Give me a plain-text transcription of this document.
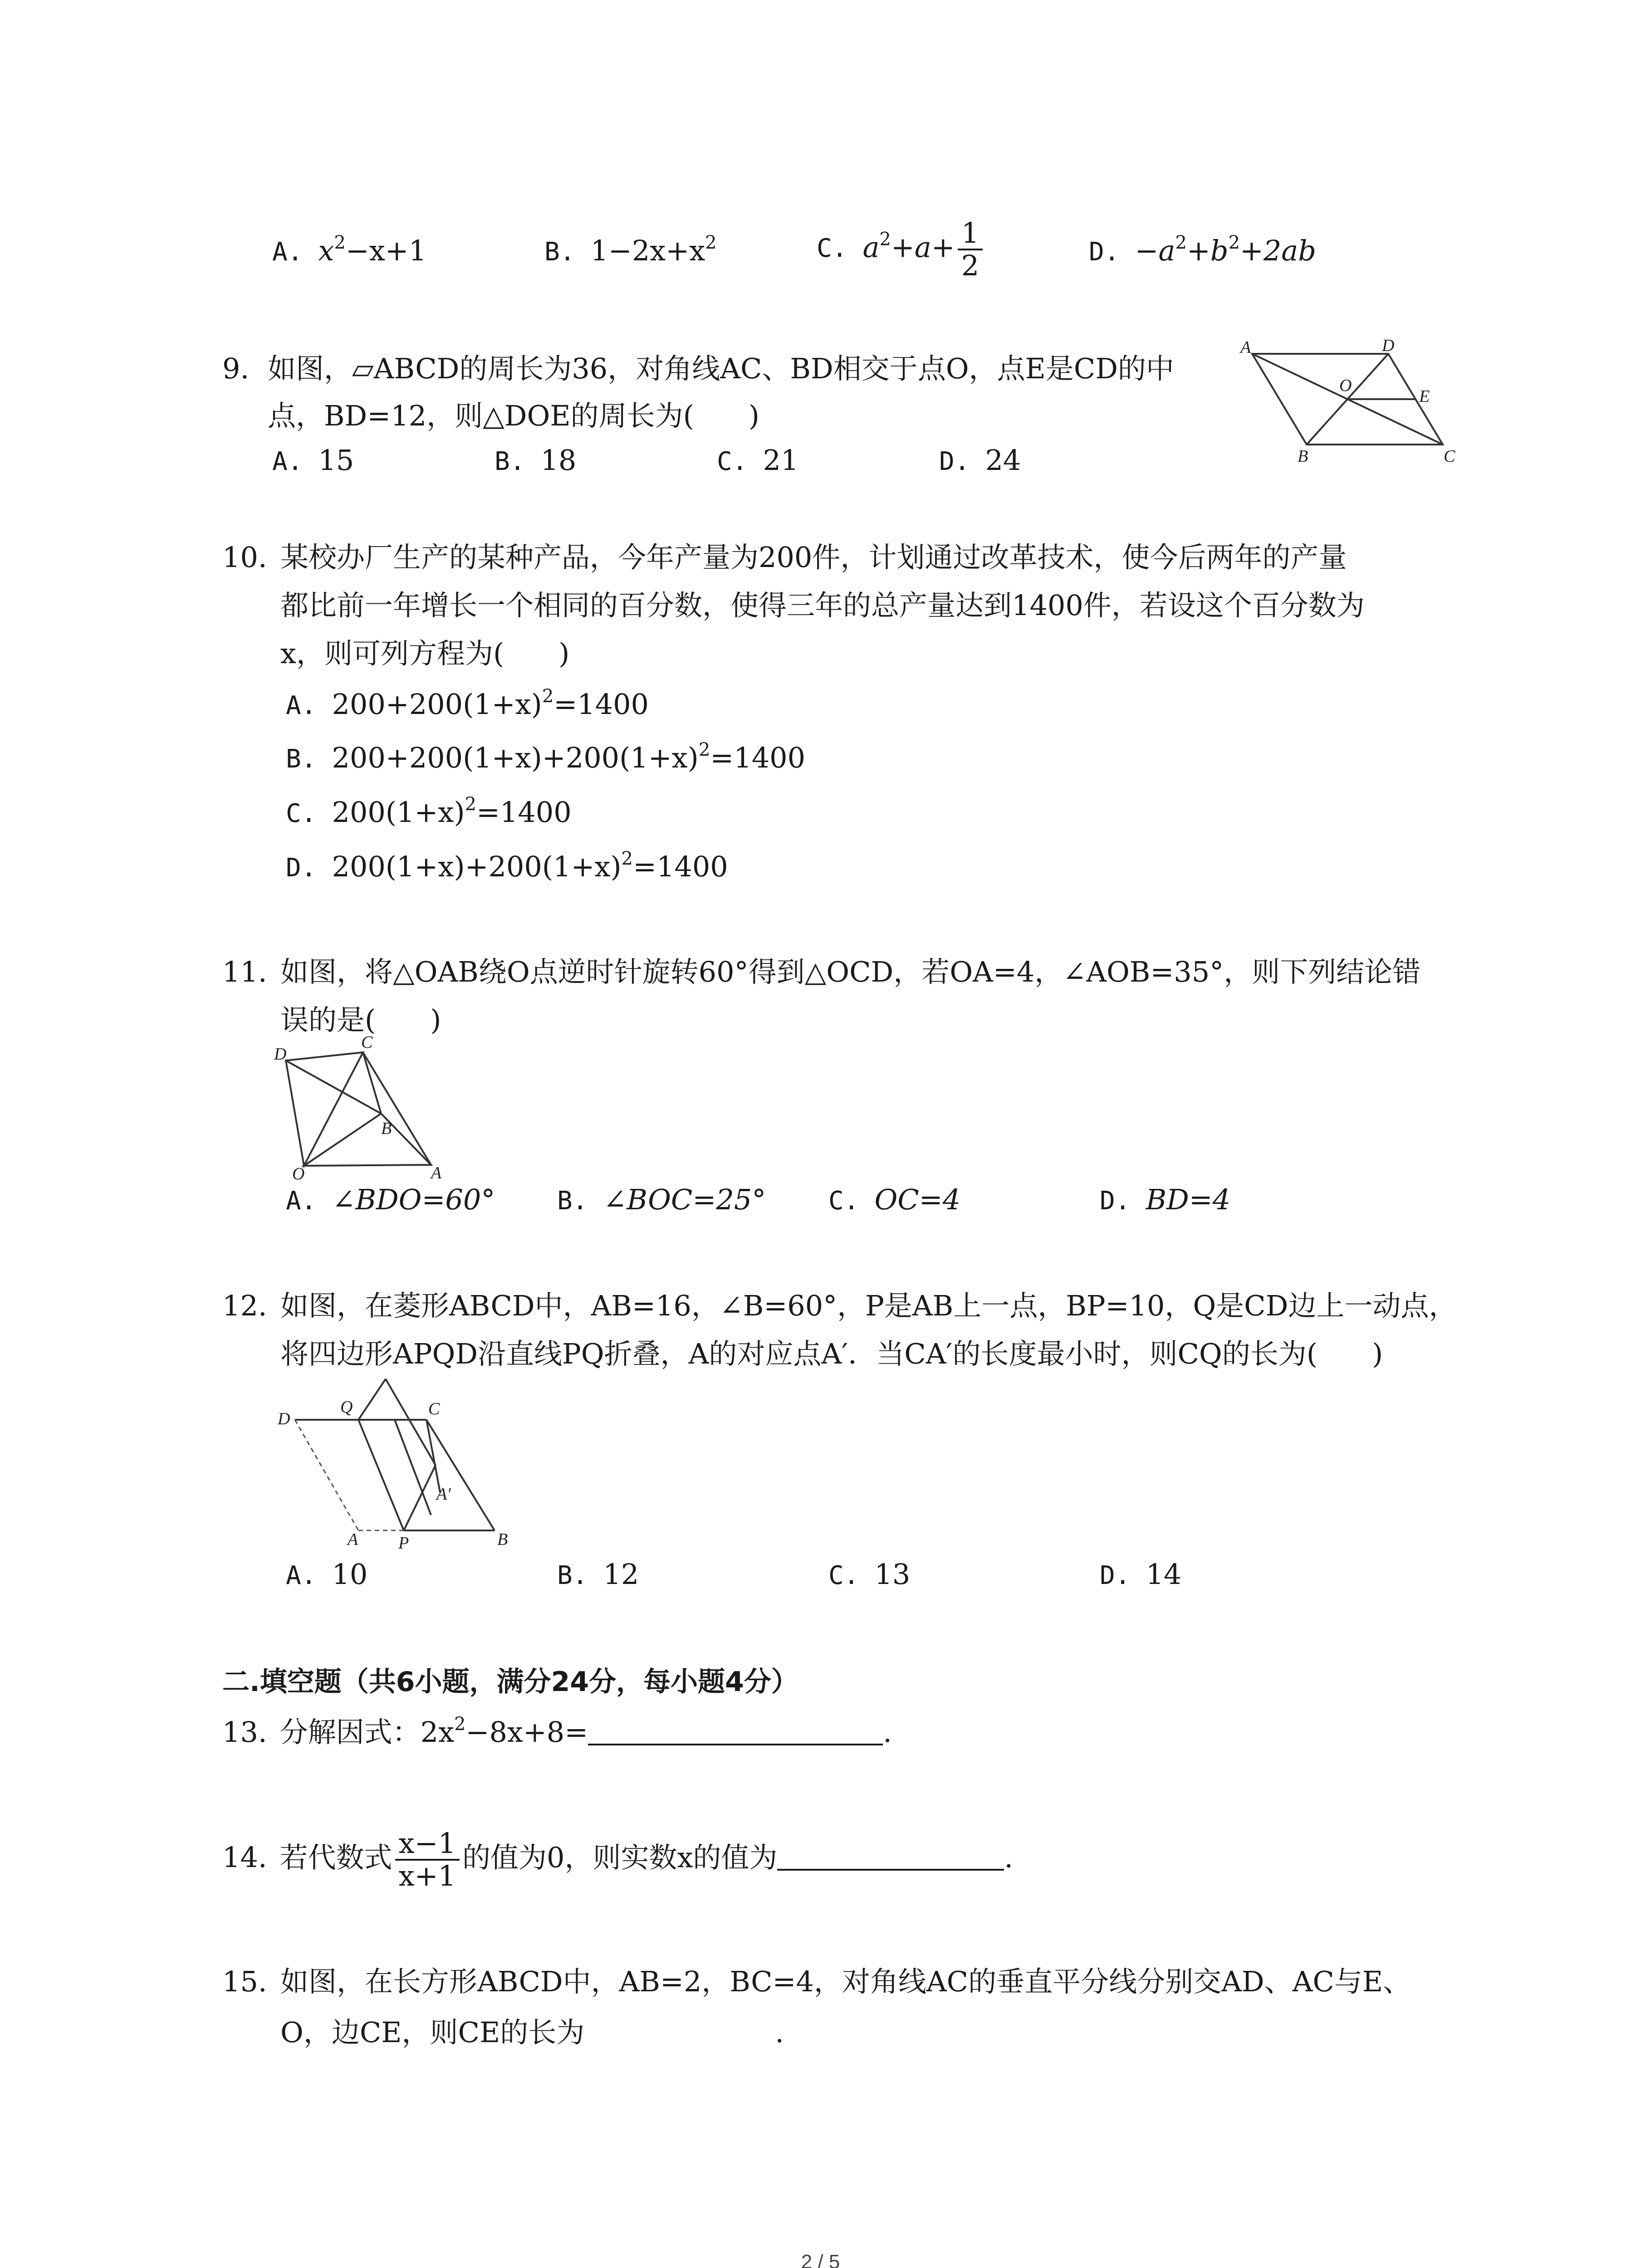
A. $x^2-x+1$	B. $1-2x+x^2$	C. $a^2+a+ \frac{1}{2}$	D. $-a^2+b^2+2ab$
9. 如图，▱ABCD的周长为36，对角线AC、BD相交于点O，点E是CD的中
点，BD=12，则△DOE的周长为( )
A. 15	B. 18	C. 21	D. 24
A	D
O
E
B	C
10. 某校办厂生产的某种产品，今年产量为200件，计划通过改革技术，使今后两年的产量
都比前一年增长一个相同的百分数，使得三年的总产量达到1400件，若设这个百分数为
x，则可列方程为( )
A. $200+200(1+x)^2=1400$
B. $200+200(1+x)+200(1+x)^2=1400$
C. $200(1+x)^2=1400$
D. $200(1+x)+200(1+x)^2=1400$
11. 如图，将△OAB绕O点逆时针旋转60°得到△OCD，若OA=4，∠AOB=35°，则下列结论错
误的是( )
D
C
B
O	A
A. ∠BDO=60° B. ∠BOC=25° C. OC=4	D. BD=4
12. 如图，在菱形ABCD中，AB=16，∠B=60°，P是AB上一点，BP=10，Q是CD边上一动点，
将四边形APQD沿直线PQ折叠，A的对应点A′．当CA′的长度最小时，则CQ的长为( )
Q	C
D
A′
A P	B
A. 10	B. 12	C. 13	D. 14
二.填空题（共6小题，满分24分，每小题4分）
13. 分解因式：$2x^2-8x+8=$	.
14. 若代数式 $\frac{x-1}{x+1}$ 的值为0，则实数x的值为	.
15. 如图，在长方形ABCD中，AB=2，BC=4，对角线AC的垂直平分线分别交AD、AC与E、
O，边CE，则CE的长为	.
2 / 5
